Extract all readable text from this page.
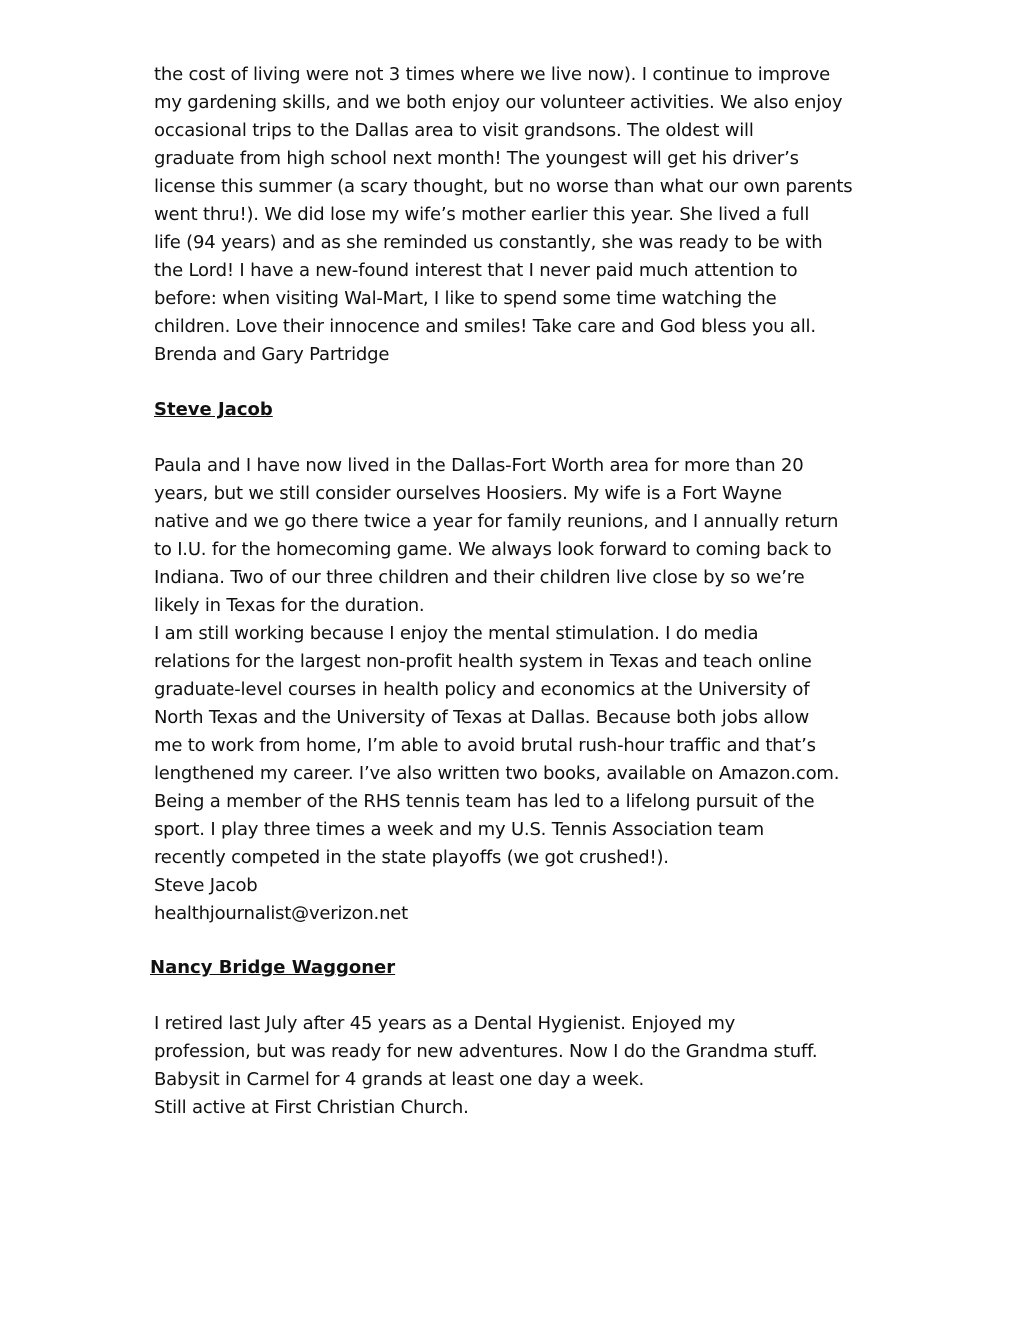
the cost of living were not 3 times where we live now). I continue to improve
my gardening skills, and we both enjoy our volunteer activities. We also enjoy
occasional trips to the Dallas area to visit grandsons. The oldest will
graduate from high school next month! The youngest will get his driver’s
license this summer (a scary thought, but no worse than what our own parents
went thru!). We did lose my wife’s mother earlier this year. She lived a full
life (94 years) and as she reminded us constantly, she was ready to be with
the Lord! I have a new-found interest that I never paid much attention to
before: when visiting Wal-Mart, I like to spend some time watching the
children. Love their innocence and smiles! Take care and God bless you all.
Brenda and Gary Partridge
Steve Jacob
Paula and I have now lived in the Dallas-Fort Worth area for more than 20
years, but we still consider ourselves Hoosiers. My wife is a Fort Wayne
native and we go there twice a year for family reunions, and I annually return
to I.U. for the homecoming game. We always look forward to coming back to
Indiana. Two of our three children and their children live close by so we’re
likely in Texas for the duration.
I am still working because I enjoy the mental stimulation. I do media
relations for the largest non-profit health system in Texas and teach online
graduate-level courses in health policy and economics at the University of
North Texas and the University of Texas at Dallas. Because both jobs allow
me to work from home, I’m able to avoid brutal rush-hour traffic and that’s
lengthened my career. I’ve also written two books, available on Amazon.com.
Being a member of the RHS tennis team has led to a lifelong pursuit of the
sport. I play three times a week and my U.S. Tennis Association team
recently competed in the state playoffs (we got crushed!).
Steve Jacob
healthjournalist@verizon.net
Nancy Bridge Waggoner
I retired last July after 45 years as a Dental Hygienist. Enjoyed my
profession, but was ready for new adventures. Now I do the Grandma stuff.
Babysit in Carmel for 4 grands at least one day a week.
Still active at First Christian Church.
